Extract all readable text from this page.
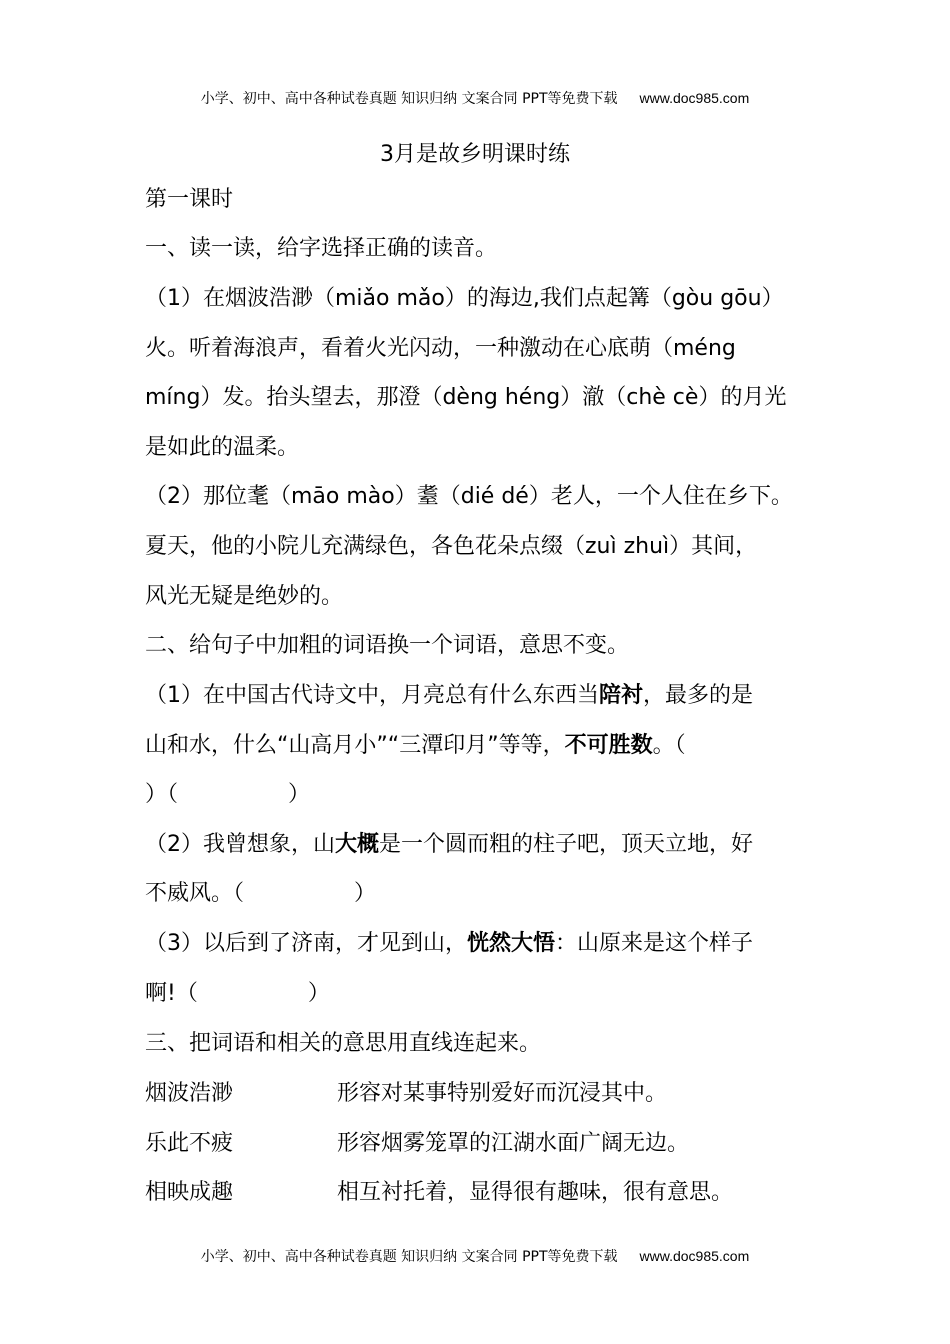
小学、初中、高中各种试卷真题 知识归纳 文案合同 PPT等免费下载 www.doc985.com
3月是故乡明课时练
第一课时
一、读一读，给字选择正确的读音。
（1）在烟波浩渺（miǎo mǎo）的海边,我们点起篝（gòu gōu）
火。听着海浪声，看着火光闪动，一种激动在心底萌（méng
míng）发。抬头望去，那澄（dèng héng）澈（chè cè）的月光
是如此的温柔。
（2）那位耄（māo mào）耋（dié dé）老人，一个人住在乡下。
夏天，他的小院儿充满绿色，各色花朵点缀（zuì zhuì）其间，
风光无疑是绝妙的。
二、给句子中加粗的词语换一个词语，意思不变。
（1）在中国古代诗文中，月亮总有什么东西当陪衬，最多的是
山和水，什么“山高月小”“三潭印月”等等，不可胜数。（
）（　　　　　）
（2）我曾想象，山大概是一个圆而粗的柱子吧，顶天立地，好
不威风。（　　　　　）
（3）以后到了济南，才见到山，恍然大悟：山原来是这个样子
啊!（　　　　　）
三、把词语和相关的意思用直线连起来。
烟波浩渺	形容对某事特别爱好而沉浸其中。
乐此不疲	形容烟雾笼罩的江湖水面广阔无边。
相映成趣	相互衬托着，显得很有趣味，很有意思。
小学、初中、高中各种试卷真题 知识归纳 文案合同 PPT等免费下载 www.doc985.com
